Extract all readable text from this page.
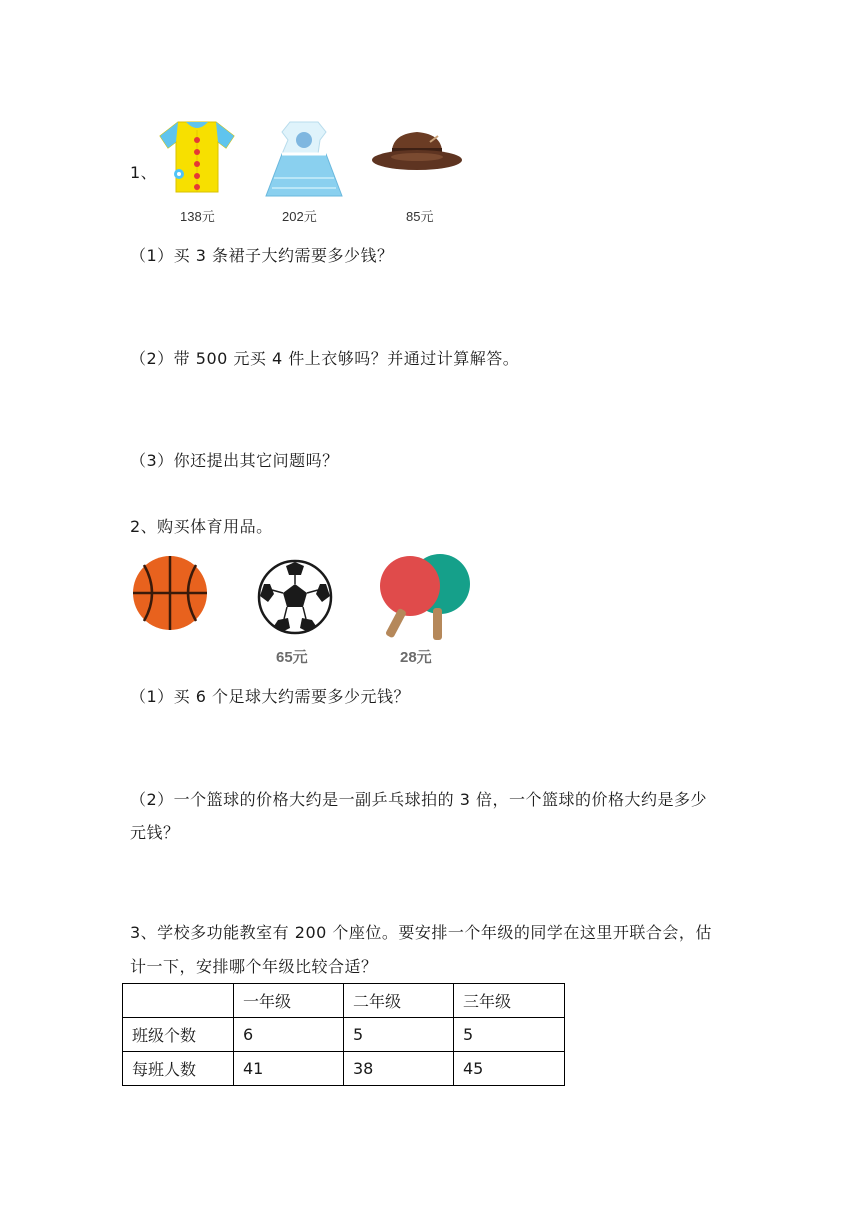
1、
138元	202元	85元
（1）买 3 条裙子大约需要多少钱？
（2）带 500 元买 4 件上衣够吗？并通过计算解答。
（3）你还提出其它问题吗？
2、购买体育用品。
65元	28元
（1）买 6 个足球大约需要多少元钱？
（2）一个篮球的价格大约是一副乒乓球拍的 3 倍，一个篮球的价格大约是多少
元钱？
3、学校多功能教室有 200 个座位。要安排一个年级的同学在这里开联合会，估
计一下，安排哪个年级比较合适？
	一年级	二年级	三年级
班级个数	6	5	5
每班人数	41	38	45
